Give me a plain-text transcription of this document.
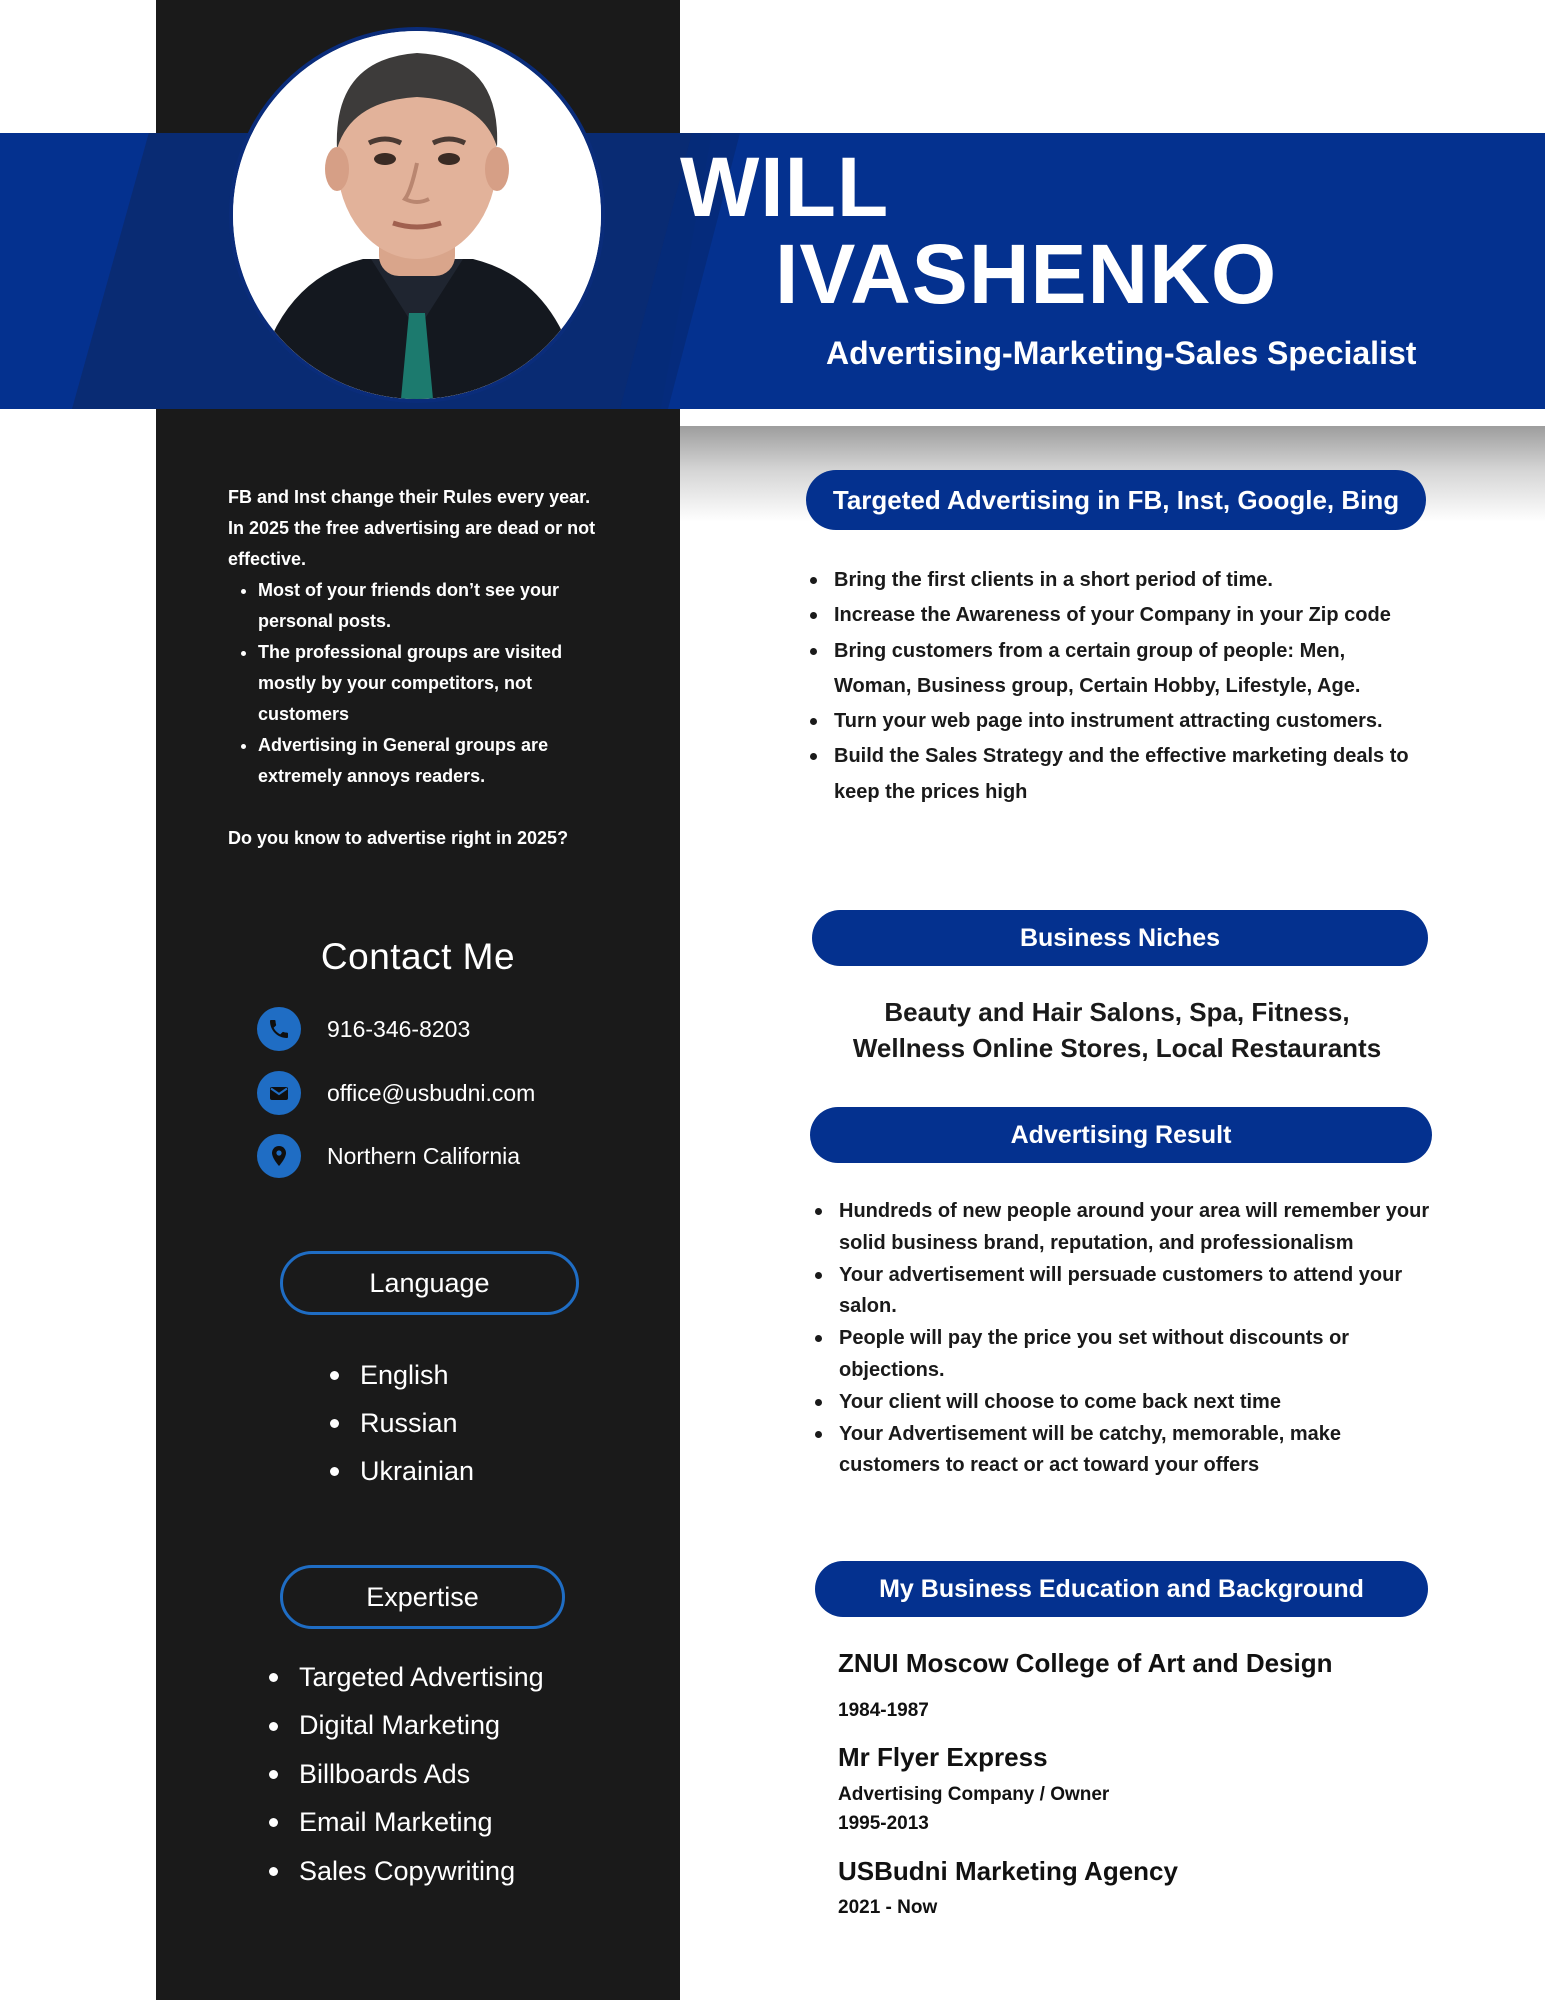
WILL
IVASHENKO
Advertising-Marketing-Sales Specialist

FB and Inst change their Rules every year.

In 2025 the free advertising are dead or not effective.

• Most of your friends don’t see your personal posts.
• The professional groups are visited mostly by your competitors, not customers
• Advertising in General groups are extremely annoys readers.

Do you know to advertise right in 2025?

Contact Me
916-346-8203
office@usbudni.com
Northern California
Language
English
Russian
Ukrainian
Expertise
Targeted Advertising
Digital Marketing
Billboards Ads
Email Marketing
Sales Copywriting
Targeted Advertising in FB, Inst, Google, Bing
Bring the first clients in a short period of time.
Increase the Awareness of your Company in your Zip code
Bring customers from a certain group of people: Men, Woman, Business group, Certain Hobby, Lifestyle, Age.
Turn your web page into instrument attracting customers.
Build the Sales Strategy and the effective marketing deals to keep the prices high
Business Niches
Beauty and Hair Salons, Spa, Fitness,
Wellness Online Stores, Local Restaurants
Advertising Result
Hundreds of new people around your area will remember your solid business brand, reputation, and professionalism
Your advertisement will persuade customers to attend your salon.
People will pay the price you set without discounts or objections.
Your client will choose to come back next time
Your Advertisement will be catchy, memorable, make customers to react or act toward your offers
My Business Education and Background
ZNUI Moscow College of Art and Design
1984-1987
Mr Flyer Express
Advertising Company / Owner
1995-2013
USBudni Marketing Agency
2021 - Now
